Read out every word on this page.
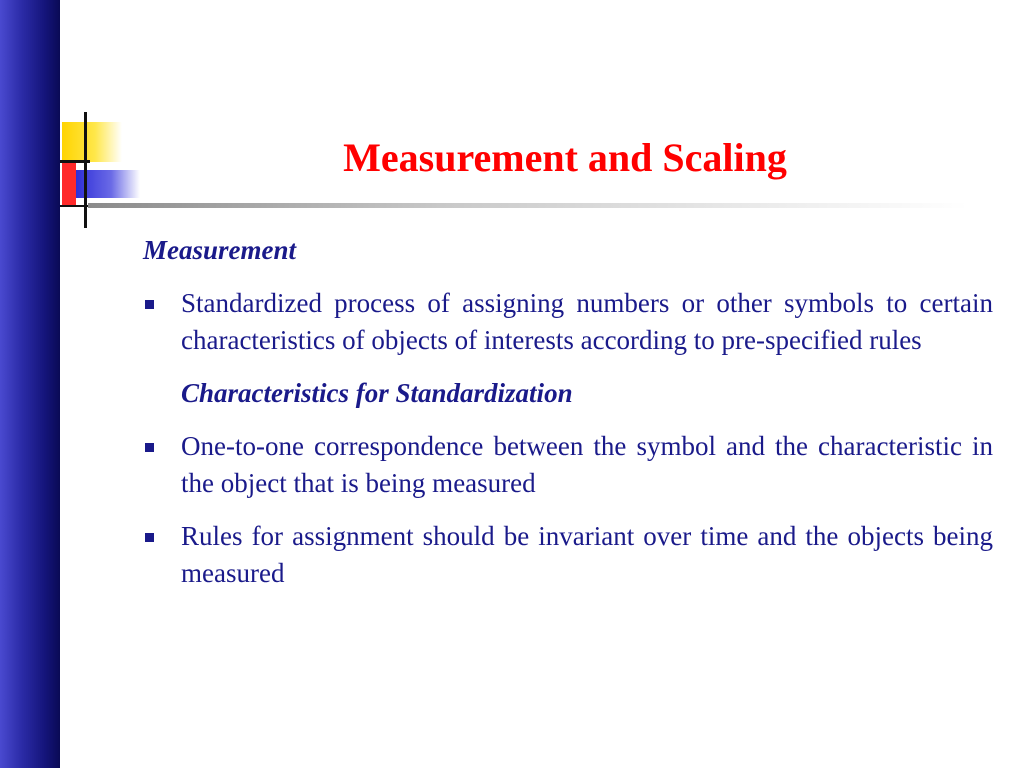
Measurement and Scaling
Measurement
Standardized process of assigning numbers or other symbols to certain characteristics of objects of interests according to pre-specified rules
Characteristics for Standardization
One-to-one correspondence between the symbol and the characteristic in the object that is being measured
Rules for assignment should be invariant over time and the objects being measured
